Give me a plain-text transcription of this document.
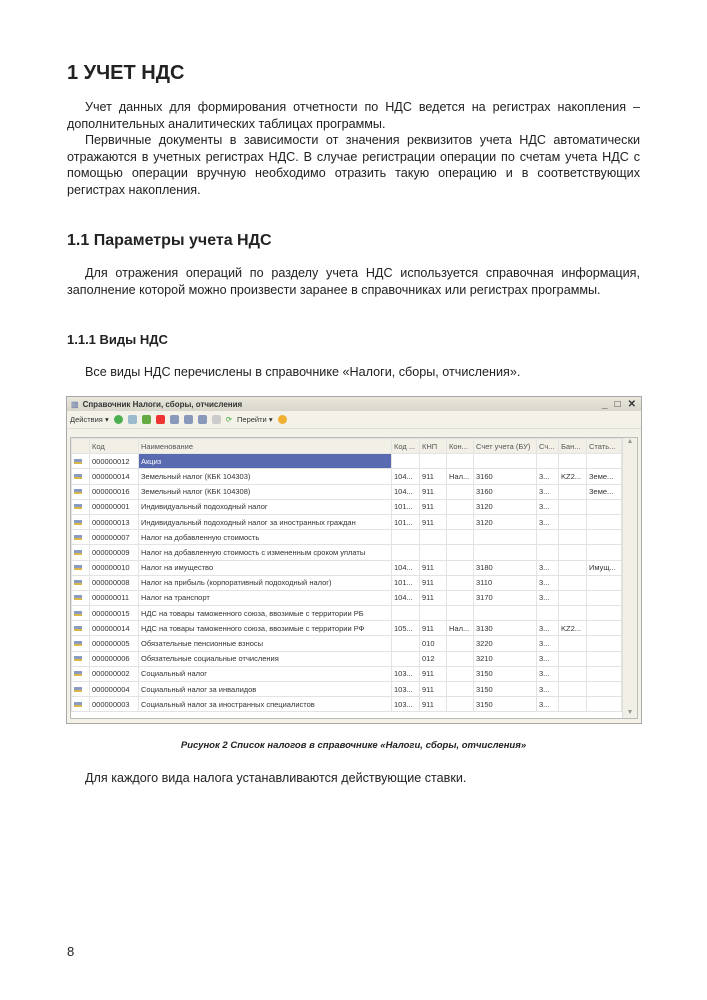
1 УЧЕТ НДС

Учет данных для формирования отчетности по НДС ведется на регистрах накопления – дополнительных аналитических таблицах программы.

Первичные документы в зависимости от значения реквизитов учета НДС автоматически отражаются в учетных регистрах НДС. В случае регистрации операции по счетам учета НДС с помощью операции вручную необходимо отразить такую операцию и в соответствующих регистрах накопления.

1.1 Параметры учета НДС

Для отражения операций по разделу учета НДС используется справочная информация, заполнение которой можно произвести заранее в справочниках или регистрах программы.

1.1.1 Виды НДС

Все виды НДС перечислены в справочнике «Налоги, сборы, отчисления».

▥ Справочник Налоги, сборы, отчисления	_ □ ✕
Действия ▾	⟳ Перейти ▾
	Код	Наименование	Код ...	КНП	Кон...	Счет учета (БУ)	Сч...	Бан...	Стать...
	000000012	Акциз							
	000000014	Земельный налог (КБК 104303)	104...	911	Нал...	3160	3...	KZ2...	Земе...
	000000016	Земельный налог (КБК 104308)	104...	911		3160	3...		Земе...
	000000001	Индивидуальный подоходный налог	101...	911		3120	3...		
	000000013	Индивидуальный подоходный налог за иностранных граждан	101...	911		3120	3...		
	000000007	Налог на добавленную стоимость							
	000000009	Налог на добавленную стоимость с измененным сроком уплаты							
	000000010	Налог на имущество	104...	911		3180	3...		Имущ...
	000000008	Налог на прибыль (корпоративный подоходный налог)	101...	911		3110	3...		
	000000011	Налог на транспорт	104...	911		3170	3...		
	000000015	НДС на товары таможенного союза, ввозимые с территории РБ							
	000000014	НДС на товары таможенного союза, ввозимые с территории РФ	105...	911	Нал...	3130	3...	KZ2...	
	000000005	Обязательные пенсионные взносы		010		3220	3...		
	000000006	Обязательные социальные отчисления		012		3210	3...		
	000000002	Социальный налог	103...	911		3150	3...		
	000000004	Социальный налог за инвалидов	103...	911		3150	3...		
	000000003	Социальный налог за иностранных специалистов	103...	911		3150	3...		
▲
▼
Рисунок 2 Список налогов в справочнике «Налоги, сборы, отчисления»

Для каждого вида налога устанавливаются действующие ставки.

8
